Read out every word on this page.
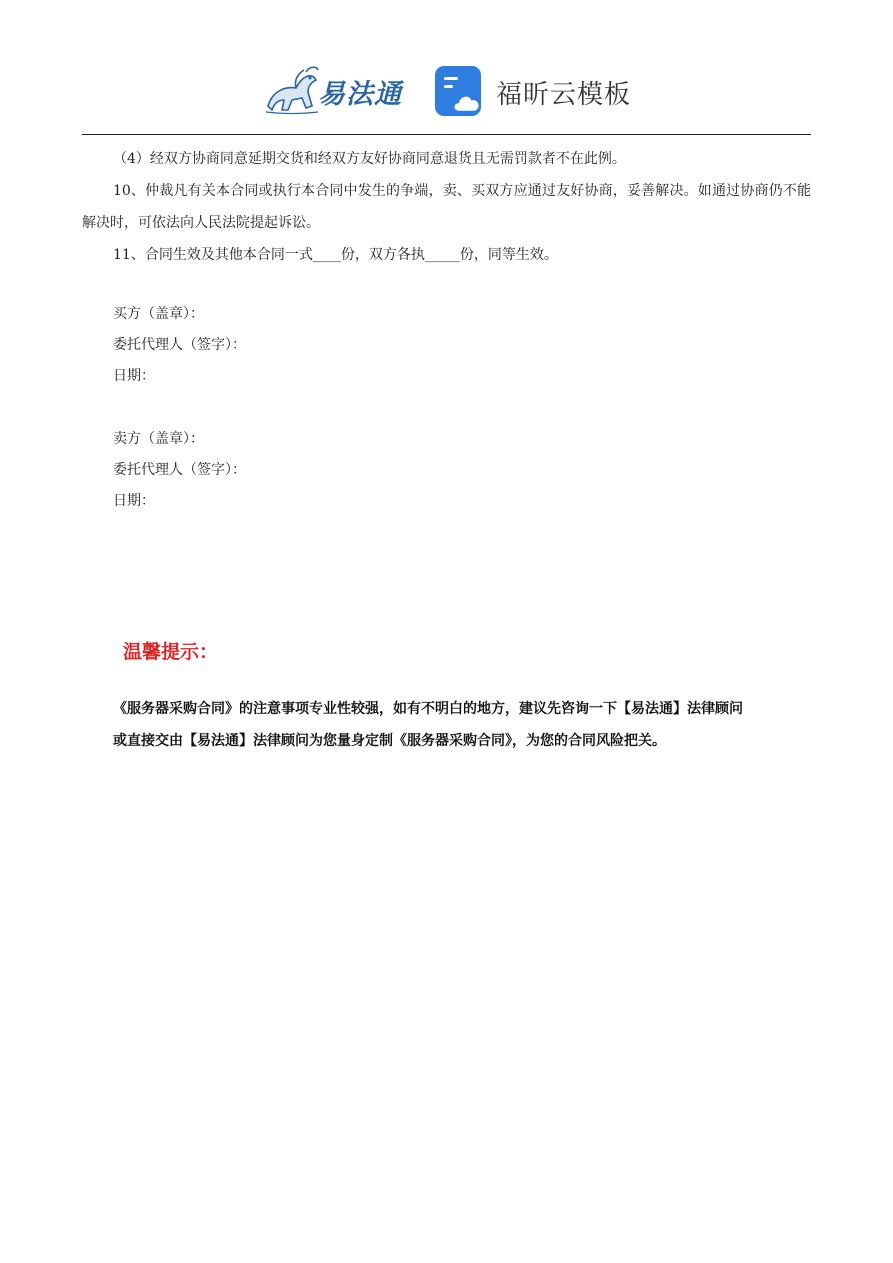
易法通	福昕云模板

（4）经双方协商同意延期交货和经双方友好协商同意退货且无需罚款者不在此例。

10、仲裁凡有关本合同或执行本合同中发生的争端，卖、买双方应通过友好协商，妥善解决。如通过协商仍不能解决时，可依法向人民法院提起诉讼。

11、合同生效及其他本合同一式____份，双方各执_____份，同等生效。

买方（盖章）：
委托代理人（签字）：
日期：
卖方（盖章）：
委托代理人（签字）：
日期：
温馨提示：

《服务器采购合同》的注意事项专业性较强，如有不明白的地方，建议先咨询一下【易法通】法律顾问

或直接交由【易法通】法律顾问为您量身定制《服务器采购合同》，为您的合同风险把关。
